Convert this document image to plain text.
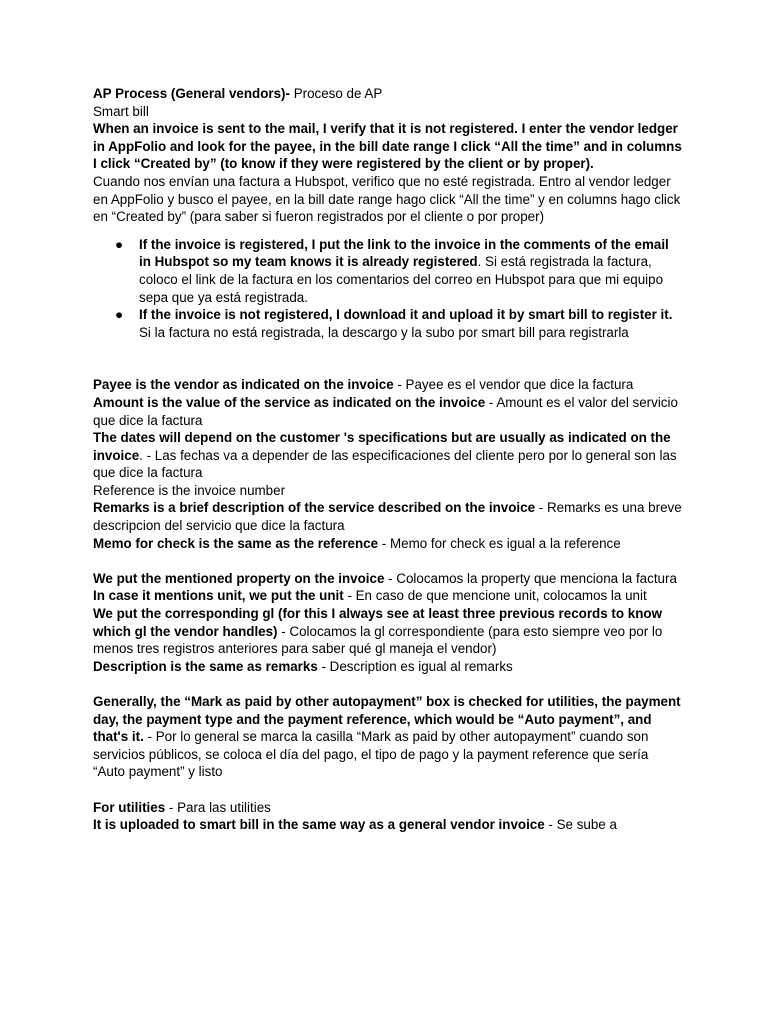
AP Process (General vendors)- Proceso de AP

Smart bill

When an invoice is sent to the mail, I verify that it is not registered. I enter the vendor ledger in AppFolio and look for the payee, in the bill date range I click “All the time” and in columns I click “Created by” (to know if they were registered by the client or by proper).

Cuando nos envían una factura a Hubspot, verifico que no esté registrada. Entro al vendor ledger en AppFolio y busco el payee, en la bill date range hago click “All the time” y en columns hago click en “Created by” (para saber si fueron registrados por el cliente o por proper)

● If the invoice is registered, I put the link to the invoice in the comments of the email in Hubspot so my team knows it is already registered. Si está registrada la factura, coloco el link de la factura en los comentarios del correo en Hubspot para que mi equipo sepa que ya está registrada.
● If the invoice is not registered, I download it and upload it by smart bill to register it. Si la factura no está registrada, la descargo y la subo por smart bill para registrarla

Payee is the vendor as indicated on the invoice - Payee es el vendor que dice la factura

Amount is the value of the service as indicated on the invoice - Amount es el valor del servicio que dice la factura

The dates will depend on the customer 's specifications but are usually as indicated on the invoice. - Las fechas va a depender de las especificaciones del cliente pero por lo general son las que dice la factura

Reference is the invoice number

Remarks is a brief description of the service described on the invoice - Remarks es una breve descripcion del servicio que dice la factura

Memo for check is the same as the reference - Memo for check es igual a la reference

We put the mentioned property on the invoice - Colocamos la property que menciona la factura

In case it mentions unit, we put the unit - En caso de que mencione unit, colocamos la unit

We put the corresponding gl (for this I always see at least three previous records to know which gl the vendor handles) - Colocamos la gl correspondiente (para esto siempre veo por lo menos tres registros anteriores para saber qué gl maneja el vendor)

Description is the same as remarks - Description es igual al remarks

Generally, the “Mark as paid by other autopayment” box is checked for utilities, the payment day, the payment type and the payment reference, which would be “Auto payment”, and that's it. - Por lo general se marca la casilla “Mark as paid by other autopayment” cuando son servicios públicos, se coloca el día del pago, el tipo de pago y la payment reference que sería “Auto payment” y listo

For utilities - Para las utilities

It is uploaded to smart bill in the same way as a general vendor invoice - Se sube a
